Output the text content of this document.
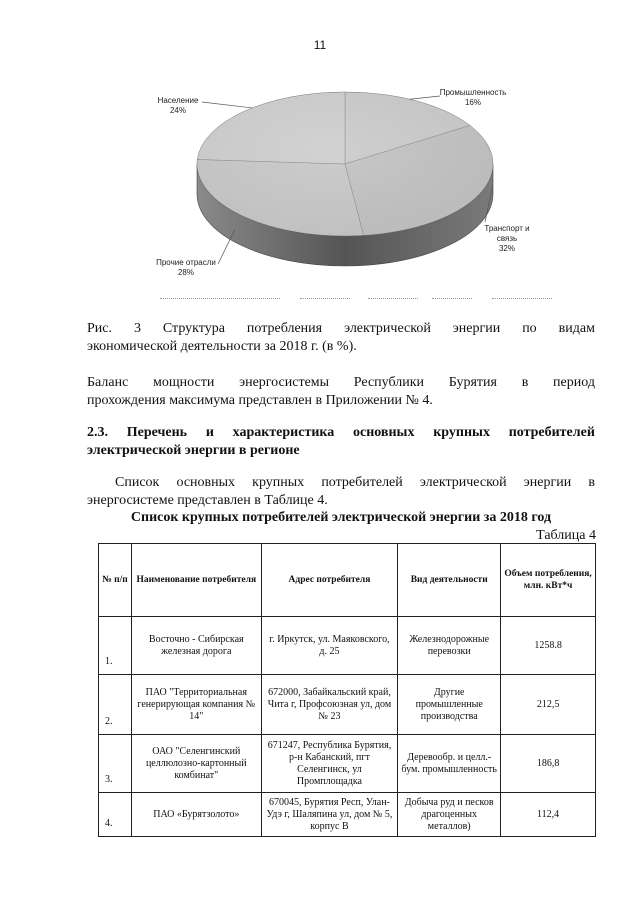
11
Промышленность
16%
Транспорт и связь
32%
Прочие отрасли
28%
Население
24%
Рис. 3 Структура потребления электрической энергии по видам
экономической деятельности за 2018 г. (в %).
Баланс мощности энергосистемы Республики Бурятия в период
прохождения максимума представлен в Приложении № 4.
2.3. Перечень и характеристика основных крупных потребителей
электрической энергии в регионе
Список основных крупных потребителей электрической энергии в
энергосистеме представлен в Таблице 4.
Список крупных потребителей электрической энергии за 2018 год
Таблица 4
№ п/п	Наименование потребителя	Адрес потребителя	Вид деятельности	Объем потребления, млн. кВт*ч
1.	Восточно - Сибирская железная дорога	г. Иркутск, ул. Маяковского, д. 25	Железнодорожные перевозки	1258.8
2.	ПАО "Территориальная генерирующая компания № 14"	672000, Забайкальский край, Чита г, Профсоюзная ул, дом № 23	Другие промышленные производства	212,5
3.	ОАО "Селенгинский целлюлозно-картонный комбинат"	671247, Республика Бурятия, р-н Кабанский, пгт Селенгинск, ул Промплощадка	Деревообр. и целл.-бум. промышленность	186,8
4.	ПАО «Бурятзолото»	670045, Бурятия Респ, Улан-Удэ г, Шаляпина ул, дом № 5, корпус В	Добыча руд и песков драгоценных металлов)	112,4
